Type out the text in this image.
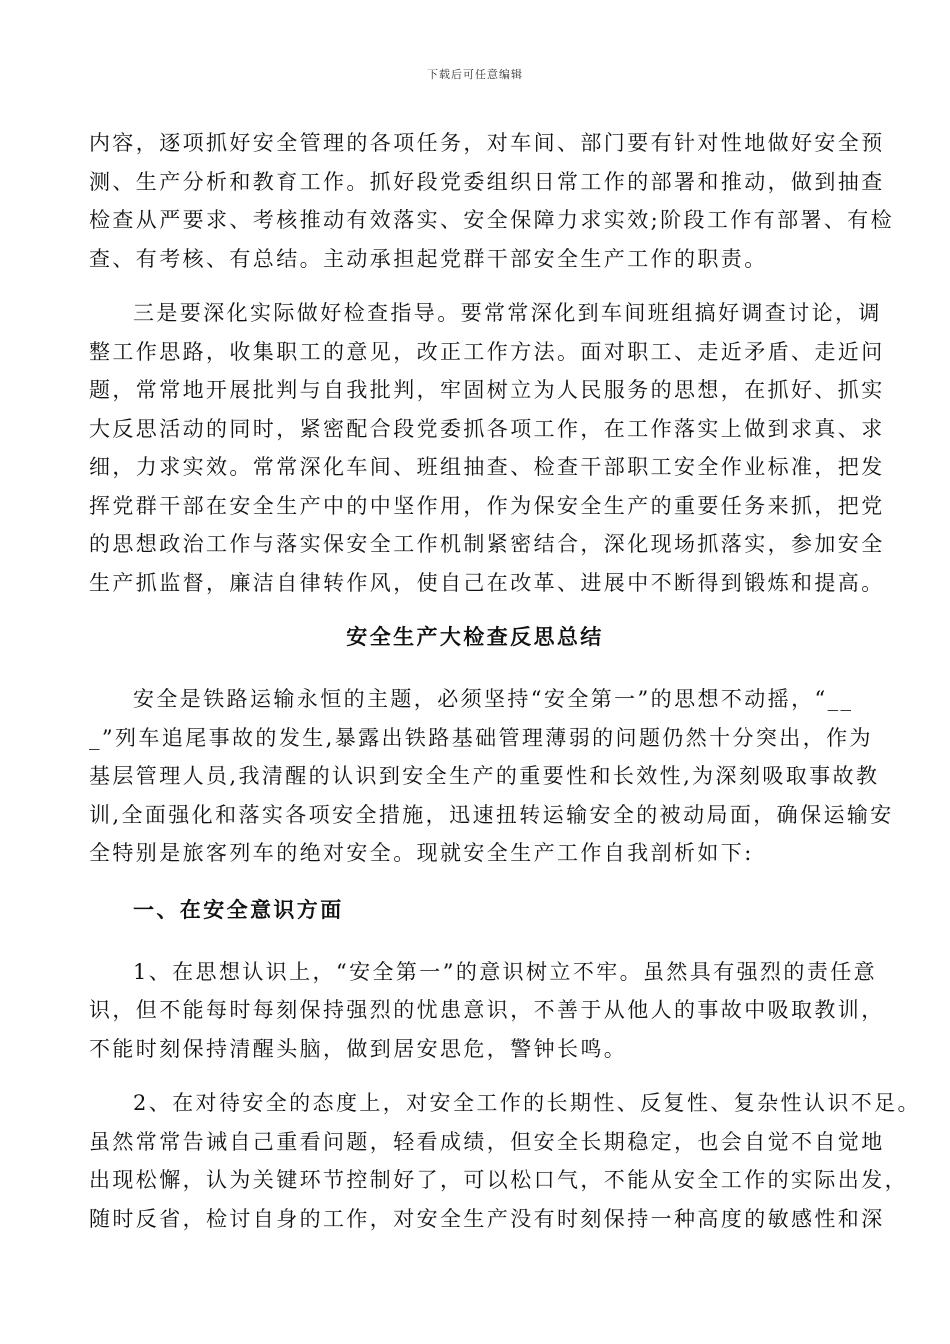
下载后可任意编辑
内容，逐项抓好安全管理的各项任务，对车间、部门要有针对性地做好安全预
测、生产分析和教育工作。抓好段党委组织日常工作的部署和推动，做到抽查
检查从严要求、考核推动有效落实、安全保障力求实效;阶段工作有部署、有检
查、有考核、有总结。主动承担起党群干部安全生产工作的职责。
三是要深化实际做好检查指导。要常常深化到车间班组搞好调查讨论，调
整工作思路，收集职工的意见，改正工作方法。面对职工、走近矛盾、走近问
题，常常地开展批判与自我批判，牢固树立为人民服务的思想，在抓好、抓实
大反思活动的同时，紧密配合段党委抓各项工作，在工作落实上做到求真、求
细，力求实效。常常深化车间、班组抽查、检查干部职工安全作业标准，把发
挥党群干部在安全生产中的中坚作用，作为保安全生产的重要任务来抓，把党
的思想政治工作与落实保安全工作机制紧密结合，深化现场抓落实，参加安全
生产抓监督，廉洁自律转作风，使自己在改革、进展中不断得到锻炼和提高。
安全生产大检查反思总结
安全是铁路运输永恒的主题，必须坚持“安全第一”的思想不动摇，“__
_”列车追尾事故的发生,暴露出铁路基础管理薄弱的问题仍然十分突出，作为
基层管理人员,我清醒的认识到安全生产的重要性和长效性,为深刻吸取事故教
训,全面强化和落实各项安全措施，迅速扭转运输安全的被动局面，确保运输安
全特别是旅客列车的绝对安全。现就安全生产工作自我剖析如下:
一、在安全意识方面
1、在思想认识上，“安全第一”的意识树立不牢。虽然具有强烈的责任意
识，但不能每时每刻保持强烈的忧患意识，不善于从他人的事故中吸取教训，
不能时刻保持清醒头脑，做到居安思危，警钟长鸣。
2、在对待安全的态度上，对安全工作的长期性、反复性、复杂性认识不足。
虽然常常告诫自己重看问题，轻看成绩，但安全长期稳定，也会自觉不自觉地
出现松懈，认为关键环节控制好了，可以松口气，不能从安全工作的实际出发，
随时反省，检讨自身的工作，对安全生产没有时刻保持一种高度的敏感性和深
